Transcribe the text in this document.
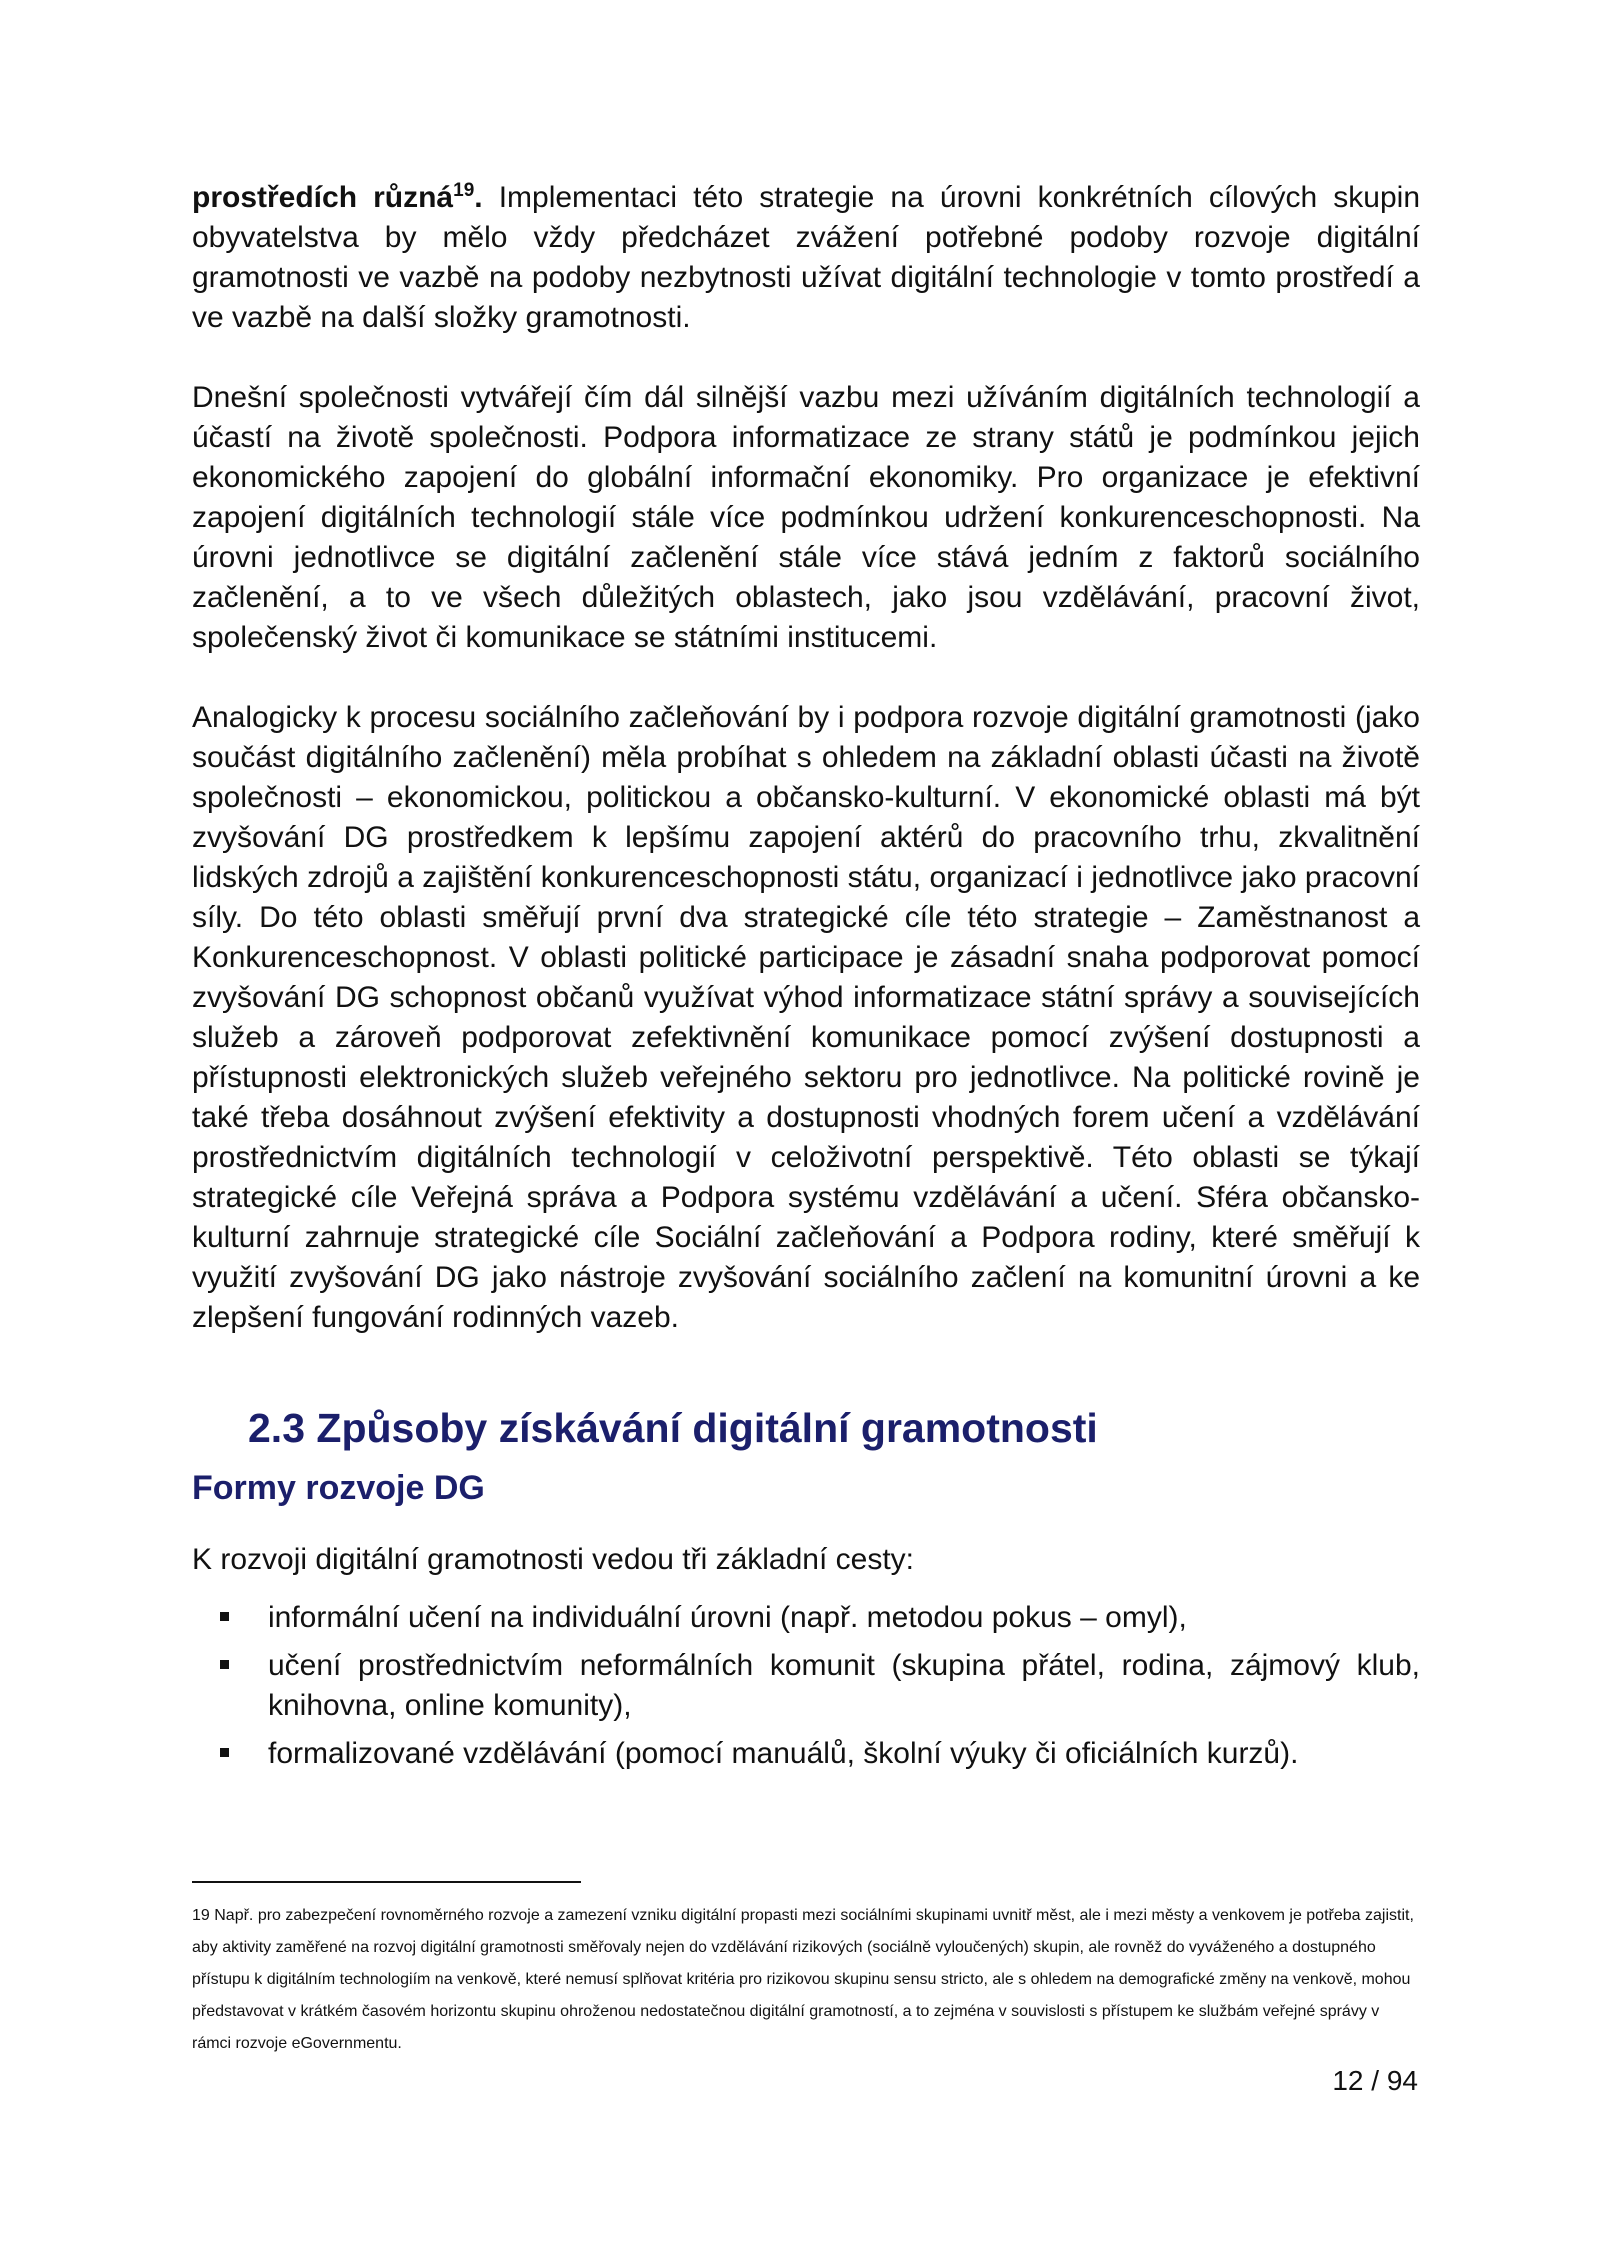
prostředích různá$^{19}$. Implementaci této strategie na úrovni konkrétních cílových skupin obyvatelstva by mělo vždy předcházet zvážení potřebné podoby rozvoje digitální gramotnosti ve vazbě na podoby nezbytnosti užívat digitální technologie v tomto prostředí a ve vazbě na další složky gramotnosti.

Dnešní společnosti vytvářejí čím dál silnější vazbu mezi užíváním digitálních technologií a účastí na životě společnosti. Podpora informatizace ze strany států je podmínkou jejich ekonomického zapojení do globální informační ekonomiky. Pro organizace je efektivní zapojení digitálních technologií stále více podmínkou udržení konkurenceschopnosti. Na úrovni jednotlivce se digitální začlenění stále více stává jedním z faktorů sociálního začlenění, a to ve všech důležitých oblastech, jako jsou vzdělávání, pracovní život, společenský život či komunikace se státními institucemi.

Analogicky k procesu sociálního začleňování by i podpora rozvoje digitální gramotnosti (jako součást digitálního začlenění) měla probíhat s ohledem na základní oblasti účasti na životě společnosti – ekonomickou, politickou a občansko-kulturní. V ekonomické oblasti má být zvyšování DG prostředkem k lepšímu zapojení aktérů do pracovního trhu, zkvalitnění lidských zdrojů a zajištění konkurenceschopnosti státu, organizací i jednotlivce jako pracovní síly. Do této oblasti směřují první dva strategické cíle této strategie – Zaměstnanost a Konkurenceschopnost. V oblasti politické participace je zásadní snaha podporovat pomocí zvyšování DG schopnost občanů využívat výhod informatizace státní správy a souvisejících služeb a zároveň podporovat zefektivnění komunikace pomocí zvýšení dostupnosti a přístupnosti elektronických služeb veřejného sektoru pro jednotlivce. Na politické rovině je také třeba dosáhnout zvýšení efektivity a dostupnosti vhodných forem učení a vzdělávání prostřednictvím digitálních technologií v celoživotní perspektivě. Této oblasti se týkají strategické cíle Veřejná správa a Podpora systému vzdělávání a učení. Sféra občansko-kulturní zahrnuje strategické cíle Sociální začleňování a Podpora rodiny, které směřují k využití zvyšování DG jako nástroje zvyšování sociálního začlení na komunitní úrovni a ke zlepšení fungování rodinných vazeb.

2.3 Způsoby získávání digitální gramotnosti
Formy rozvoje DG

K rozvoji digitální gramotnosti vedou tři základní cesty:

informální učení na individuální úrovni (např. metodou pokus – omyl),
učení prostřednictvím neformálních komunit (skupina přátel, rodina, zájmový klub, knihovna, online komunity),
formalizované vzdělávání (pomocí manuálů, školní výuky či oficiálních kurzů).
19 Např. pro zabezpečení rovnoměrného rozvoje a zamezení vzniku digitální propasti mezi sociálními skupinami uvnitř měst, ale i mezi městy a venkovem je potřeba zajistit, aby aktivity zaměřené na rozvoj digitální gramotnosti směřovaly nejen do vzdělávání rizikových (sociálně vyloučených) skupin, ale rovněž do vyváženého a dostupného přístupu k digitálním technologiím na venkově, které nemusí splňovat kritéria pro rizikovou skupinu sensu stricto, ale s ohledem na demografické změny na venkově, mohou představovat v krátkém časovém horizontu skupinu ohroženou nedostatečnou digitální gramotností, a to zejména v souvislosti s přístupem ke službám veřejné správy v rámci rozvoje eGovernmentu.
12 / 94
